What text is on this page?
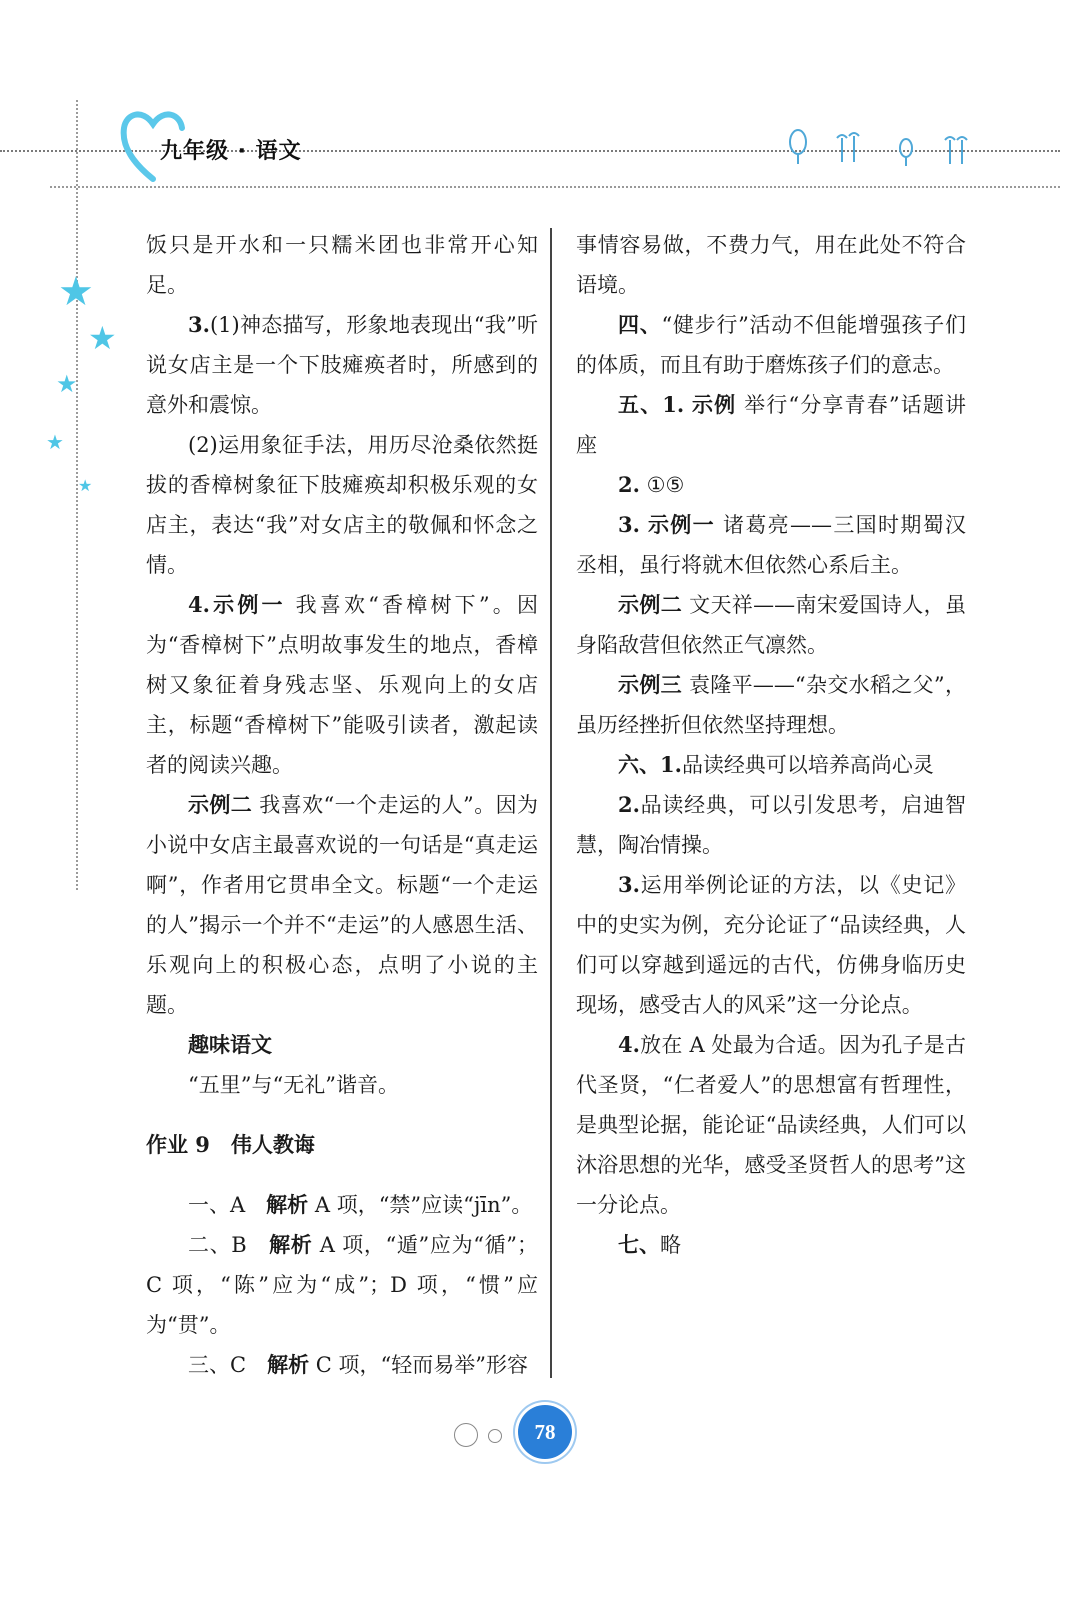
九年级 · 语文
★
★
★
★
★

饭只是开水和一只糯米团也非常开心知足。

3.(1)神态描写，形象地表现出“我”听说女店主是一个下肢瘫痪者时，所感到的意外和震惊。

(2)运用象征手法，用历尽沧桑依然挺拔的香樟树象征下肢瘫痪却积极乐观的女店主，表达“我”对女店主的敬佩和怀念之情。

4.示例一 我喜欢“香樟树下”。因为“香樟树下”点明故事发生的地点，香樟树又象征着身残志坚、乐观向上的女店主，标题“香樟树下”能吸引读者，激起读者的阅读兴趣。

示例二 我喜欢“一个走运的人”。因为小说中女店主最喜欢说的一句话是“真走运啊”，作者用它贯串全文。标题“一个走运的人”揭示一个并不“走运”的人感恩生活、乐观向上的积极心态，点明了小说的主题。

趣味语文

“五里”与“无礼”谐音。

作业 9　伟人教诲

一、A　 解析 A 项，“禁”应读“jīn”。

二、B　 解析 A 项，“遁”应为“循”；C 项，“陈”应为“成”；D 项，“惯”应为“贯”。

三、C　 解析 C 项，“轻而易举”形容

事情容易做，不费力气，用在此处不符合语境。

四、“健步行”活动不但能增强孩子们的体质，而且有助于磨炼孩子们的意志。

五、1. 示例 举行“分享青春”话题讲座

2. ①⑤

3. 示例一 诸葛亮——三国时期蜀汉丞相，虽行将就木但依然心系后主。

示例二 文天祥——南宋爱国诗人，虽身陷敌营但依然正气凛然。

示例三 袁隆平——“杂交水稻之父”，虽历经挫折但依然坚持理想。

六、1.品读经典可以培养高尚心灵

2.品读经典，可以引发思考，启迪智慧，陶冶情操。

3.运用举例论证的方法，以《史记》中的史实为例，充分论证了“品读经典，人们可以穿越到遥远的古代，仿佛身临历史现场，感受古人的风采”这一分论点。

4.放在 A 处最为合适。因为孔子是古代圣贤，“仁者爱人”的思想富有哲理性，是典型论据，能论证“品读经典，人们可以沐浴思想的光华，感受圣贤哲人的思考”这一分论点。

七、略

78
